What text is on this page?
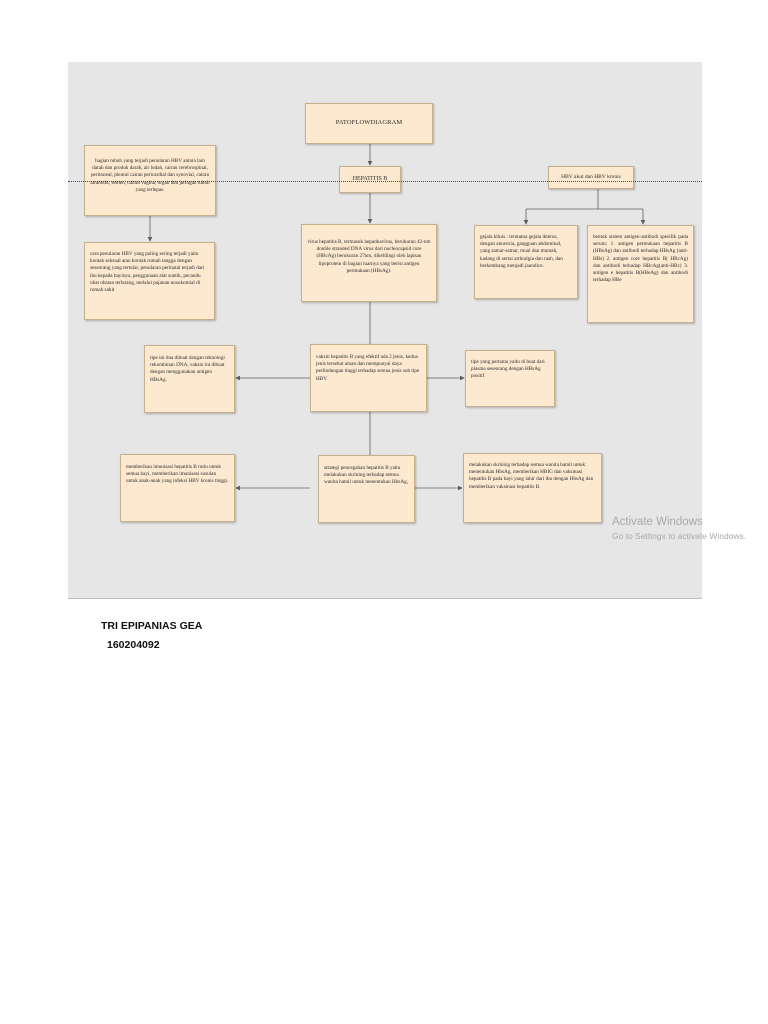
PATOFLOWDIAGRAM
HEPATITIS B	HBV akut dan HBV kronis
bagian tubuh yang terjadi penularan HBV antara lain darah dan produk darah, air ludah, cairan cerebrospinal, peritoneal, pleural cairan pericardial dan synovial, cairan amniotik, semen, cairan vagina, organ dan jaringan tubuh yang terlepas.
cara penularan HBV yang paling sering terjadi yaitu kontak seksual atau kontak rumah tangga dengan seseorang yang tertular, penularan perinatal terjadi dari ibu kepada bayinya, penggunaan alat suntik, pecandu obat obatan terlarang, melalui pajanan nosokomial di rumah sakit
virus hepatitis B, termasuk hepadnavirus, berukuran 42-nm double stranded DNA virus dari nucleocapsid core (HBcAg) berukuran 27nm, dikelilingi oleh lapisan lipoprotein di bagian luarnya yang berisi antigen permukaan (HBsAg).
gejala klinis : terutama gejala ikterus, dengan anorexia, gangguan abdominal, yang samar-samar, mual dan muntah, kadang di sertai arthralgia dan rash, dan berkembang menjadi jaundice.
bentuk sistem antigen-antibodi spesifik pada serum; 1. antigen permukaan hepatitis B (HBsAg) dan antibodi terhadap HBsAg (anti-HBs) 2. antigen core hepatitis B( HBcAg) dan antibodi terhadap HBcAg(anti-HBc) 3. antigen e hepatitis B(HBeAg) dan antibodi terhadap HBe
vaksin hepatitis B yang efektif ada 2 jenis, kedua jenis tersebut aman dan mempunyai daya perlindungan tinggi terhadap semua jenis sub tipe HBV.
tipe ini dua dibuat dengan teknologi rekombinan DNA, vaksin ini dibuat dengan menggunakan antigen HBsAg.
tipe yang pertama yaitu di buat dari plasma seseorang dengan HBsAg positif
strategi pencegahan hepatitis B yaitu melakukan skrining terhadap semua wanita hamil untuk menentukan HbsAg,
memberikan imunisasi hepatitis B rutin untuk semua bayi, memberikan imunisasi susulan untuk anak-anak yang infeksi HBV kronis tinggi.
melakukan skrining terhadap semua wanita hamil untuk menentukan HbsAg, memberikan HBIG dan vaksinasi hepatitis B pada bayi yang lahir dari ibu dengan HbsAg dan memberikan vaksinasi hepatitis B.
Activate Windows
Go to Settings to activate Windows.
TRI EPIPANIAS GEA
160204092
